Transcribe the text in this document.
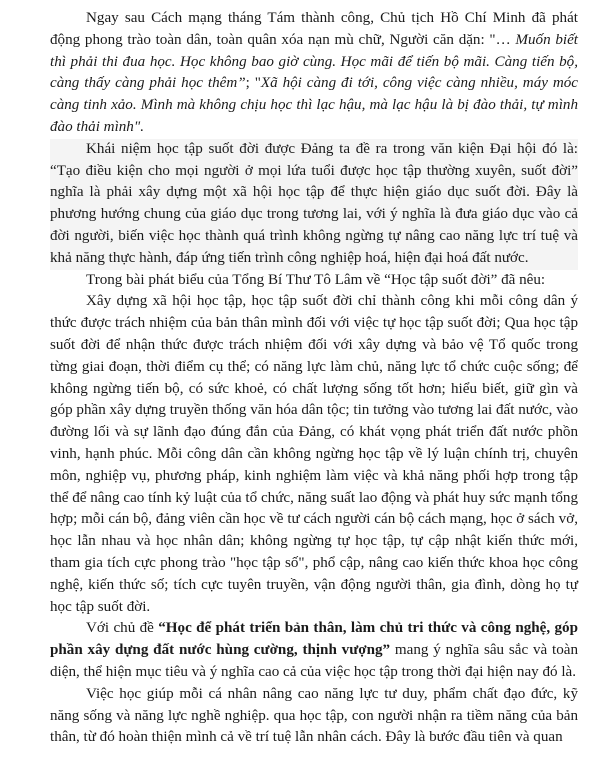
Ngay sau Cách mạng tháng Tám thành công, Chủ tịch Hồ Chí Minh đã phát động phong trào toàn dân, toàn quân xóa nạn mù chữ, Người căn dặn: "… Muốn biết thì phải thi đua học. Học không bao giờ cùng. Học mãi để tiến bộ mãi. Càng tiến bộ, càng thấy càng phải học thêm”; "Xã hội càng đi tới, công việc càng nhiều, máy móc càng tinh xảo. Mình mà không chịu học thì lạc hậu, mà lạc hậu là bị đào thải, tự mình đào thải mình".

Khái niệm học tập suốt đời được Đảng ta đề ra trong văn kiện Đại hội đó là: “Tạo điều kiện cho mọi người ở mọi lứa tuổi được học tập thường xuyên, suốt đời” nghĩa là phải xây dựng một xã hội học tập để thực hiện giáo dục suốt đời. Đây là phương hướng chung của giáo dục trong tương lai, với ý nghĩa là đưa giáo dục vào cả đời người, biến việc học thành quá trình không ngừng tự nâng cao năng lực trí tuệ và khả năng thực hành, đáp ứng tiến trình công nghiệp hoá, hiện đại hoá đất nước.

Trong bài phát biểu của Tổng Bí Thư Tô Lâm về “Học tập suốt đời” đã nêu:

Xây dựng xã hội học tập, học tập suốt đời chỉ thành công khi mỗi công dân ý thức được trách nhiệm của bản thân mình đối với việc tự học tập suốt đời; Qua học tập suốt đời để nhận thức được trách nhiệm đối với xây dựng và bảo vệ Tổ quốc trong từng giai đoạn, thời điểm cụ thể; có năng lực làm chủ, năng lực tổ chức cuộc sống; để không ngừng tiến bộ, có sức khoẻ, có chất lượng sống tốt hơn; hiểu biết, giữ gìn và góp phần xây dựng truyền thống văn hóa dân tộc; tin tưởng vào tương lai đất nước, vào đường lối và sự lãnh đạo đúng đắn của Đảng, có khát vọng phát triển đất nước phồn vinh, hạnh phúc. Mỗi công dân cần không ngừng học tập về lý luận chính trị, chuyên môn, nghiệp vụ, phương pháp, kinh nghiệm làm việc và khả năng phối hợp trong tập thể để nâng cao tính kỷ luật của tổ chức, năng suất lao động và phát huy sức mạnh tổng hợp; mỗi cán bộ, đảng viên cần học về tư cách người cán bộ cách mạng, học ở sách vở, học lẫn nhau và học nhân dân; không ngừng tự học tập, tự cập nhật kiến thức mới, tham gia tích cực phong trào "học tập số", phổ cập, nâng cao kiến thức khoa học công nghệ, kiến thức số; tích cực tuyên truyền, vận động người thân, gia đình, dòng họ tự học tập suốt đời.

Với chủ đề “Học để phát triển bản thân, làm chủ tri thức và công nghệ, góp phần xây dựng đất nước hùng cường, thịnh vượng” mang ý nghĩa sâu sắc và toàn diện, thể hiện mục tiêu và ý nghĩa cao cả của việc học tập trong thời đại hiện nay đó là.

Việc học giúp mỗi cá nhân nâng cao năng lực tư duy, phẩm chất đạo đức, kỹ năng sống và năng lực nghề nghiệp. qua học tập, con người nhận ra tiềm năng của bản thân, từ đó hoàn thiện mình cả về trí tuệ lẫn nhân cách. Đây là bước đầu tiên và quan
